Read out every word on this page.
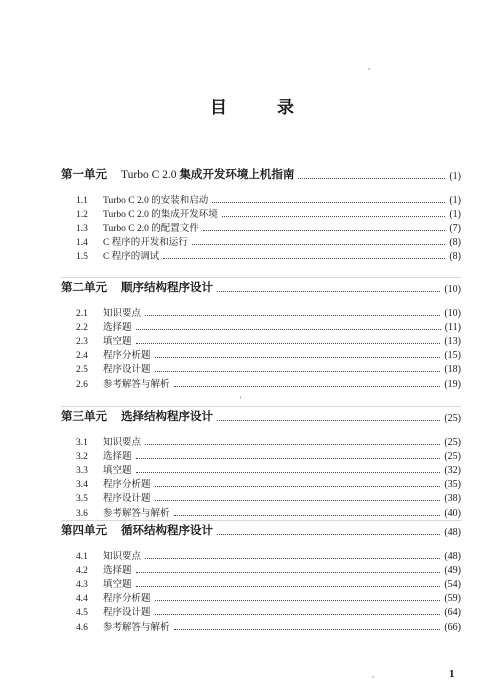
目 录
第一单元 Turbo C 2.0 集成开发环境上机指南	(1)
1.1	Turbo C 2.0 的安装和启动	(1)
1.2	Turbo C 2.0 的集成开发环境	(1)
1.3	Turbo C 2.0 的配置文件	(7)
1.4	C 程序的开发和运行	(8)
1.5	C 程序的调试	(8)
第二单元 顺序结构程序设计	(10)
2.1	知识要点	(10)
2.2	选择题	(11)
2.3	填空题	(13)
2.4	程序分析题	(15)
2.5	程序设计题	(18)
2.6	参考解答与解析	(19)
第三单元 选择结构程序设计	(25)
3.1	知识要点	(25)
3.2	选择题	(25)
3.3	填空题	(32)
3.4	程序分析题	(35)
3.5	程序设计题	(38)
3.6	参考解答与解析	(40)
第四单元 循环结构程序设计	(48)
4.1	知识要点	(48)
4.2	选择题	(49)
4.3	填空题	(54)
4.4	程序分析题	(59)
4.5	程序设计题	(64)
4.6	参考解答与解析	(66)
1
